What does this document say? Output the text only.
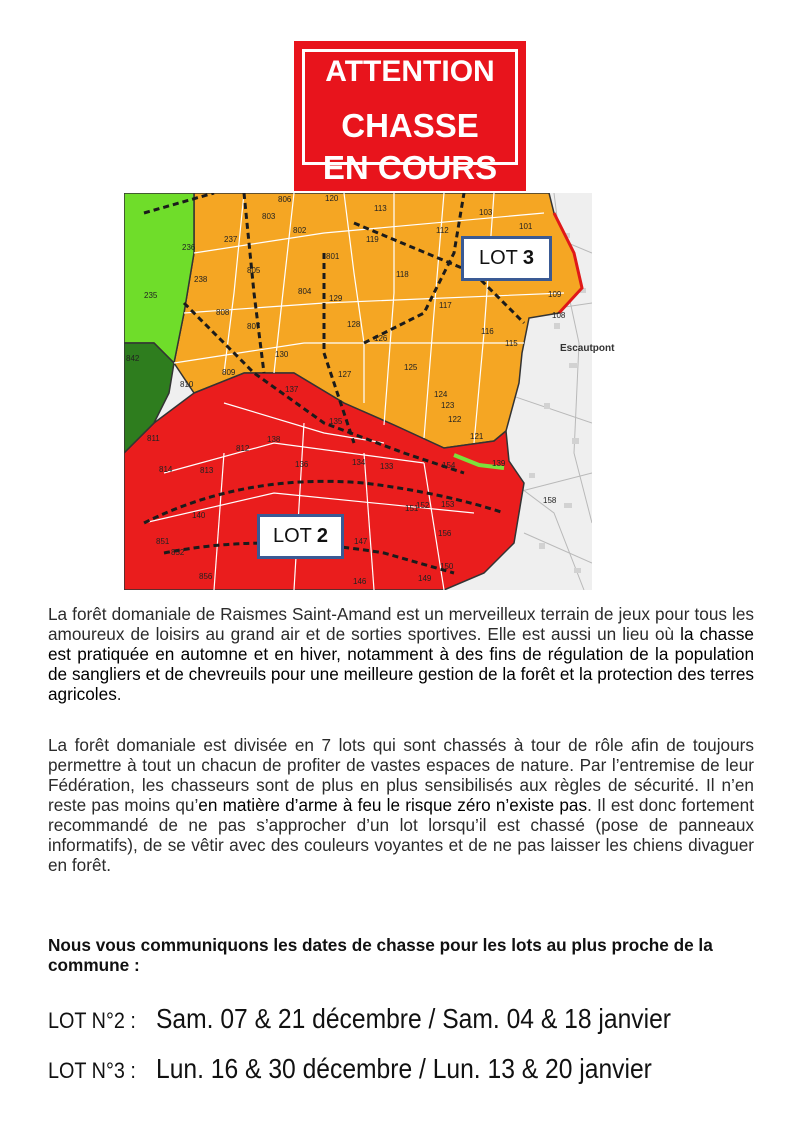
ATTENTION
CHASSE
EN COURS
806
803
120
113	103
101
112
236
237
802
801
119
118
235
238
805
804
129	109
108
808
807	128
117
116
842	130
126
115
810
809	127
125
124
123
137
122
811
812
138
135
121
814	813
136	134 133	154	139
140
151
152 153	158
851
852
147
156
856
146	149
150
LOT 3
LOT 2
Escautpont
La forêt domaniale de Raismes Saint-Amand est un merveilleux terrain de jeux pour tous les amoureux de loisirs au grand air et de sorties sportives. Elle est aussi un lieu où la chasse est pratiquée en automne et en hiver, notamment à des fins de régulation de la population de sangliers et de chevreuils pour une meilleure gestion de la forêt et la protection des terres agricoles.
La forêt domaniale est divisée en 7 lots qui sont chassés à tour de rôle afin de toujours permettre à tout un chacun de profiter de vastes espaces de nature. Par l’entremise de leur Fédération, les chasseurs sont de plus en plus sensibilisés aux règles de sécurité. Il n’en reste pas moins qu’en matière d’arme à feu le risque zéro n’existe pas. Il est donc fortement recommandé de ne pas s’approcher d’un lot lorsqu’il est chassé (pose de panneaux informatifs), de se vêtir avec des couleurs voyantes et de ne pas laisser les chiens divaguer en forêt.
Nous vous communiquons les dates de chasse pour les lots au plus proche de la commune :
LOT N°2 : Sam. 07 & 21 décembre / Sam. 04 & 18 janvier
LOT N°3 : Lun. 16 & 30 décembre / Lun. 13 & 20 janvier
